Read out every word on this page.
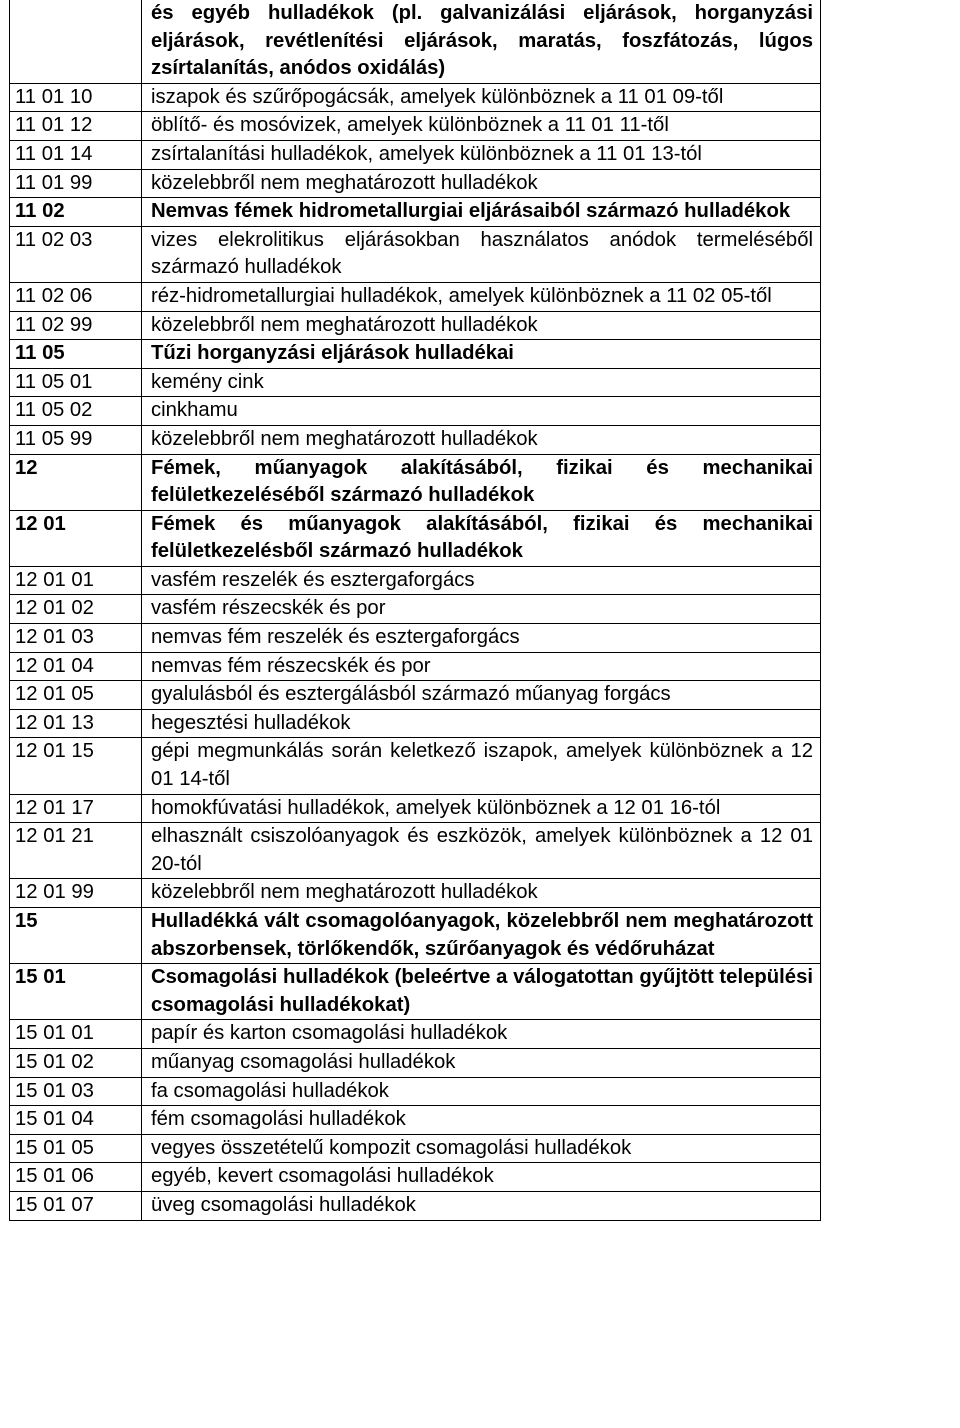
	és egyéb hulladékok (pl. galvanizálási eljárások, horganyzási eljárások, revétlenítési eljárások, maratás, foszfátozás, lúgos zsírtalanítás, anódos oxidálás)
11 01 10	iszapok és szűrőpogácsák, amelyek különböznek a 11 01 09-től
11 01 12	öblítő- és mosóvizek, amelyek különböznek a 11 01 11-től
11 01 14	zsírtalanítási hulladékok, amelyek különböznek a 11 01 13-tól
11 01 99	közelebbről nem meghatározott hulladékok
11 02	Nemvas fémek hidrometallurgiai eljárásaiból származó hulladékok
11 02 03	vizes elekrolitikus eljárásokban használatos anódok termeléséből származó hulladékok
11 02 06	réz-hidrometallurgiai hulladékok, amelyek különböznek a 11 02 05-től
11 02 99	közelebbről nem meghatározott hulladékok
11 05	Tűzi horganyzási eljárások hulladékai
11 05 01	kemény cink
11 05 02	cinkhamu
11 05 99	közelebbről nem meghatározott hulladékok
12	Fémek, műanyagok alakításából, fizikai és mechanikai felületkezeléséből származó hulladékok
12 01	Fémek és műanyagok alakításából, fizikai és mechanikai felületkezelésből származó hulladékok
12 01 01	vasfém reszelék és esztergaforgács
12 01 02	vasfém részecskék és por
12 01 03	nemvas fém reszelék és esztergaforgács
12 01 04	nemvas fém részecskék és por
12 01 05	gyalulásból és esztergálásból származó műanyag forgács
12 01 13	hegesztési hulladékok
12 01 15	gépi megmunkálás során keletkező iszapok, amelyek különböznek a 12 01 14-től
12 01 17	homokfúvatási hulladékok, amelyek különböznek a 12 01 16-tól
12 01 21	elhasznált csiszolóanyagok és eszközök, amelyek különböznek a 12 01 20-tól
12 01 99	közelebbről nem meghatározott hulladékok
15	Hulladékká vált csomagolóanyagok, közelebbről nem meghatározott abszorbensek, törlőkendők, szűrőanyagok és védőruházat
15 01	Csomagolási hulladékok (beleértve a válogatottan gyűjtött települési csomagolási hulladékokat)
15 01 01	papír és karton csomagolási hulladékok
15 01 02	műanyag csomagolási hulladékok
15 01 03	fa csomagolási hulladékok
15 01 04	fém csomagolási hulladékok
15 01 05	vegyes összetételű kompozit csomagolási hulladékok
15 01 06	egyéb, kevert csomagolási hulladékok
15 01 07	üveg csomagolási hulladékok
